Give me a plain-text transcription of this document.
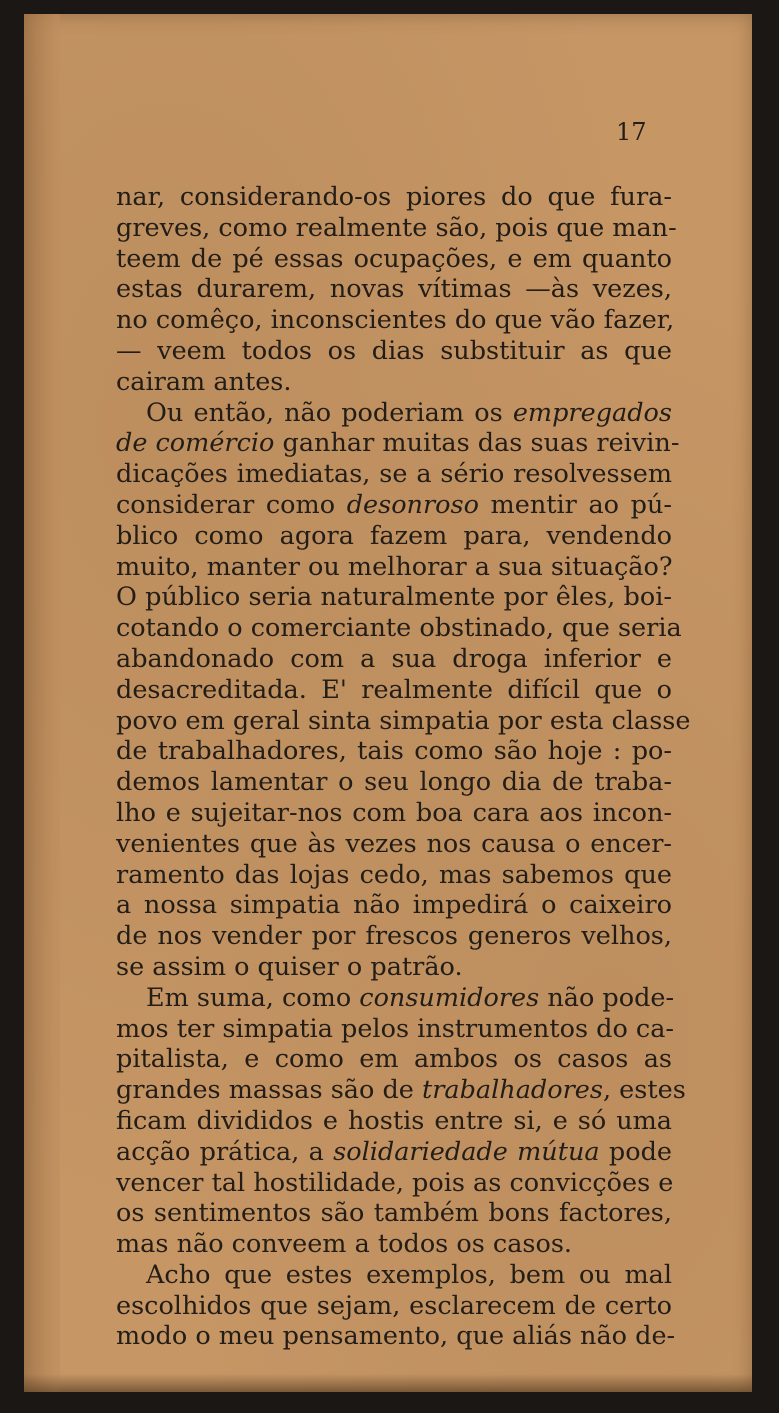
17
nar, considerando-os piores do que fura-
greves, como realmente são, pois que man-
teem de pé essas ocupações, e em quanto
estas durarem, novas vítimas —às vezes,
no comêço, inconscientes do que vão fazer,
— veem todos os dias substituir as que
cairam antes.
Ou então, não poderiam os empregados
de comércio ganhar muitas das suas reivin-
dicações imediatas, se a sério resolvessem
considerar como desonroso mentir ao pú-
blico como agora fazem para, vendendo
muito, manter ou melhorar a sua situação?
O público seria naturalmente por êles, boi-
cotando o comerciante obstinado, que seria
abandonado com a sua droga inferior e
desacreditada. E' realmente difícil que o
povo em geral sinta simpatia por esta classe
de trabalhadores, tais como são hoje : po-
demos lamentar o seu longo dia de traba-
lho e sujeitar-nos com boa cara aos incon-
venientes que às vezes nos causa o encer-
ramento das lojas cedo, mas sabemos que
a nossa simpatia não impedirá o caixeiro
de nos vender por frescos generos velhos,
se assim o quiser o patrão.
Em suma, como consumidores não pode-
mos ter simpatia pelos instrumentos do ca-
pitalista, e como em ambos os casos as
grandes massas são de trabalhadores, estes
ficam divididos e hostis entre si, e só uma
acção prática, a solidariedade mútua pode
vencer tal hostilidade, pois as convicções e
os sentimentos são também bons factores,
mas não conveem a todos os casos.
Acho que estes exemplos, bem ou mal
escolhidos que sejam, esclarecem de certo
modo o meu pensamento, que aliás não de-
